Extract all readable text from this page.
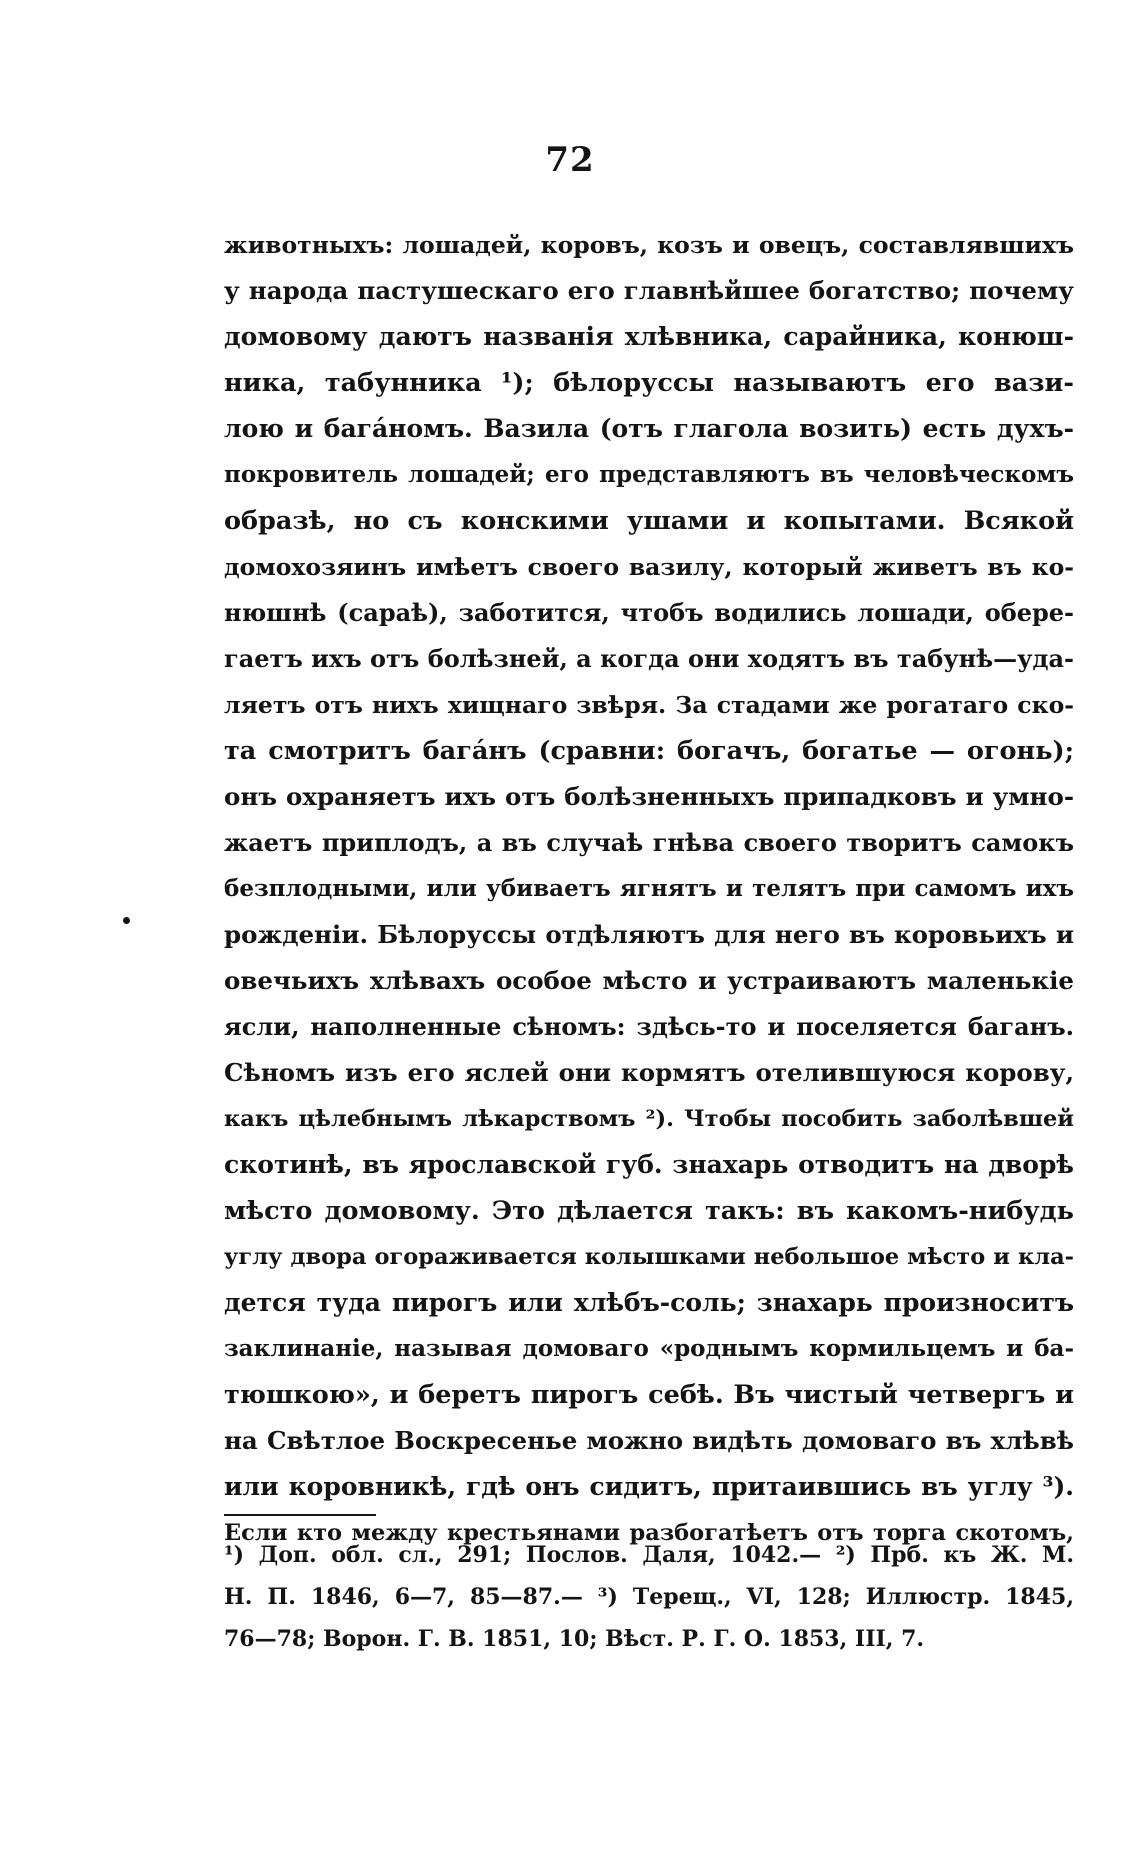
72
животныхъ: лошадей, коровъ, козъ и овецъ, составлявшихъ
у народа пастушескаго его главнѣйшее богатство; почему
домовому даютъ названія хлѣвника, сарайника, конюш-
ника, табунника ¹); бѣлоруссы называютъ его вази-
лою и багáномъ. Вазила (отъ глагола возить) есть духъ-
покровитель лошадей; его представляютъ въ человѣческомъ
образѣ, но съ конскими ушами и копытами. Всякой
домохозяинъ имѣетъ своего вазилу, который живетъ въ ко-
нюшнѣ (сараѣ), заботится, чтобъ водились лошади, обере-
гаетъ ихъ отъ болѣзней, а когда они ходятъ въ табунѣ—уда-
ляетъ отъ нихъ хищнаго звѣря. За стадами же рогатаго ско-
та смотритъ багáнъ (сравни: богачъ, богатье — огонь);
онъ охраняетъ ихъ отъ болѣзненныхъ припадковъ и умно-
жаетъ приплодъ, а въ случаѣ гнѣва своего творитъ самокъ
безплодными, или убиваетъ ягнятъ и телятъ при самомъ ихъ
рожденіи. Бѣлоруссы отдѣляютъ для него въ коровьихъ и
овечьихъ хлѣвахъ особое мѣсто и устраиваютъ маленькіе
ясли, наполненные сѣномъ: здѣсь-то и поселяется баганъ.
Сѣномъ изъ его яслей они кормятъ отелившуюся корову,
какъ цѣлебнымъ лѣкарствомъ ²). Чтобы пособить заболѣвшей
скотинѣ, въ ярославской губ. знахарь отводитъ на дворѣ
мѣсто домовому. Это дѣлается такъ: въ какомъ-нибудь
углу двора огораживается колышками небольшое мѣсто и кла-
дется туда пирогъ или хлѣбъ-соль; знахарь произноситъ
заклинаніе, называя домоваго «роднымъ кормильцемъ и ба-
тюшкою», и беретъ пирогъ себѣ. Въ чистый четвергъ и
на Свѣтлое Воскресенье можно видѣть домоваго въ хлѣвѣ
или коровникѣ, гдѣ онъ сидитъ, притаившись въ углу ³).
Если кто между крестьянами разбогатѣетъ отъ торга скотомъ,
¹) Доп. обл. сл., 291; Послов. Даля, 1042.— ²) Прб. къ Ж. М.
Н. П. 1846, 6—7, 85—87.— ³) Терещ., VI, 128; Иллюстр. 1845,
76—78; Ворон. Г. В. 1851, 10; Вѣст. Р. Г. О. 1853, III, 7.
